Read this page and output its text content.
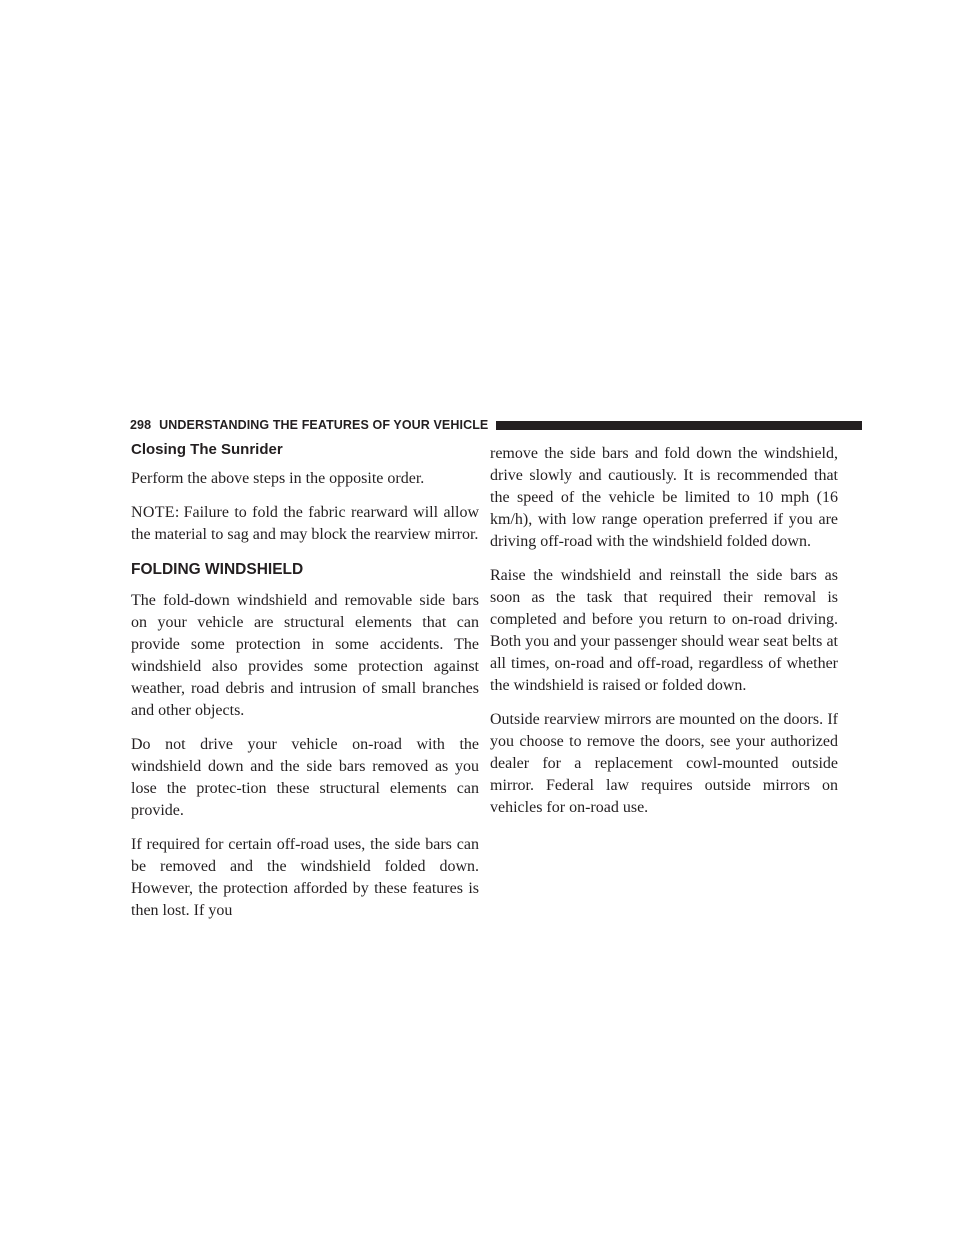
298 UNDERSTANDING THE FEATURES OF YOUR VEHICLE
Closing The Sunrider

Perform the above steps in the opposite order.

NOTE: Failure to fold the fabric rearward will allow the material to sag and may block the rearview mirror.

FOLDING WINDSHIELD

The fold-down windshield and removable side bars on your vehicle are structural elements that can provide some protection in some accidents. The windshield also provides some protection against weather, road debris and intrusion of small branches and other objects.

Do not drive your vehicle on-road with the windshield down and the side bars removed as you lose the protec-tion these structural elements can provide.

If required for certain off-road uses, the side bars can be removed and the windshield folded down. However, the protection afforded by these features is then lost. If you

remove the side bars and fold down the windshield, drive slowly and cautiously. It is recommended that the speed of the vehicle be limited to 10 mph (16 km/h), with low range operation preferred if you are driving off-road with the windshield folded down.

Raise the windshield and reinstall the side bars as soon as the task that required their removal is completed and before you return to on-road driving. Both you and your passenger should wear seat belts at all times, on-road and off-road, regardless of whether the windshield is raised or folded down.

Outside rearview mirrors are mounted on the doors. If you choose to remove the doors, see your authorized dealer for a replacement cowl-mounted outside mirror. Federal law requires outside mirrors on vehicles for on-road use.
